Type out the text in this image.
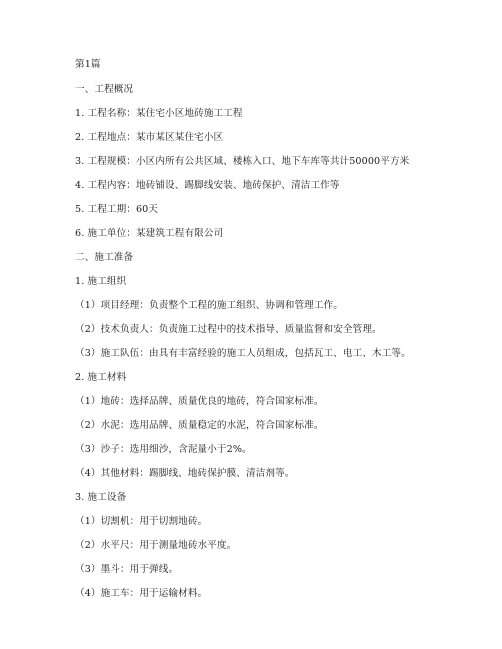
第1篇
一、工程概况
1. 工程名称：某住宅小区地砖施工工程
2. 工程地点：某市某区某住宅小区
3. 工程规模：小区内所有公共区域、楼栋入口、地下车库等共计50000平方米
4. 工程内容：地砖铺设、踢脚线安装、地砖保护、清洁工作等
5. 工程工期：60天
6. 施工单位：某建筑工程有限公司
二、施工准备
1. 施工组织
（1）项目经理：负责整个工程的施工组织、协调和管理工作。
（2）技术负责人：负责施工过程中的技术指导、质量监督和安全管理。
（3）施工队伍：由具有丰富经验的施工人员组成，包括瓦工、电工、木工等。
2. 施工材料
（1）地砖：选择品牌、质量优良的地砖，符合国家标准。
（2）水泥：选用品牌、质量稳定的水泥，符合国家标准。
（3）沙子：选用细沙，含泥量小于2%。
（4）其他材料：踢脚线、地砖保护膜、清洁剂等。
3. 施工设备
（1）切割机：用于切割地砖。
（2）水平尺：用于测量地砖水平度。
（3）墨斗：用于弹线。
（4）施工车：用于运输材料。
